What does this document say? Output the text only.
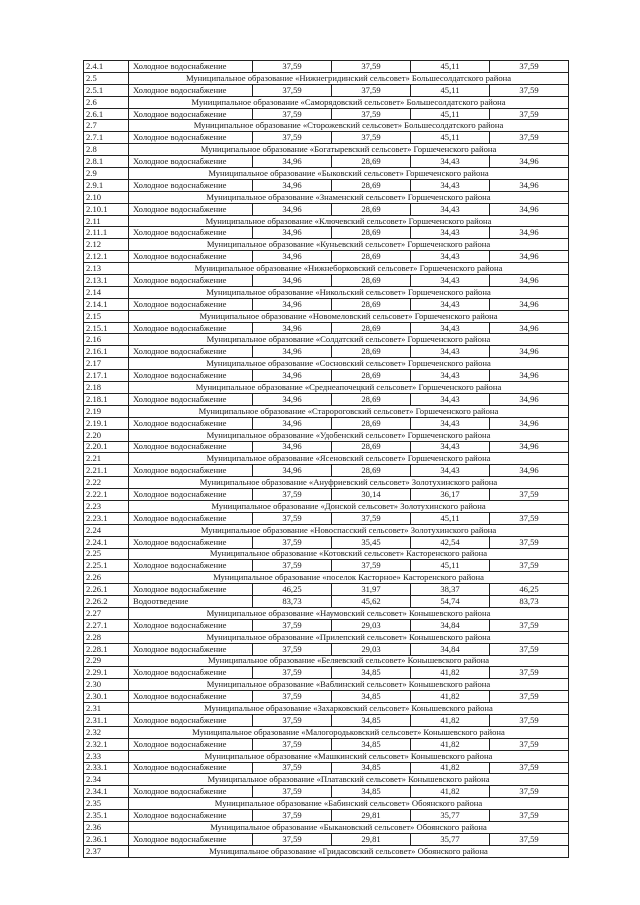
2.4.1	Холодное водоснабжение	37,59	37,59	45,11	37,59
2.5	Муниципальное образование «Нижнегридинский сельсовет» Большесолдатского района				
2.5.1	Холодное водоснабжение	37,59	37,59	45,11	37,59
2.6	Муниципальное образование «Саморядовский сельсовет» Большесолдатского района				
2.6.1	Холодное водоснабжение	37,59	37,59	45,11	37,59
2.7	Муниципальное образование «Сторожевский сельсовет» Большесолдатского района				
2.7.1	Холодное водоснабжение	37,59	37,59	45,11	37,59
2.8	Муниципальное образование «Богатыревский сельсовет» Горшеченского района				
2.8.1	Холодное водоснабжение	34,96	28,69	34,43	34,96
2.9	Муниципальное образование «Быковский сельсовет» Горшеченского района				
2.9.1	Холодное водоснабжение	34,96	28,69	34,43	34,96
2.10	Муниципальное образование «Знаменский сельсовет» Горшеченского района				
2.10.1	Холодное водоснабжение	34,96	28,69	34,43	34,96
2.11	Муниципальное образование «Ключевский сельсовет» Горшеченского района				
2.11.1	Холодное водоснабжение	34,96	28,69	34,43	34,96
2.12	Муниципальное образование «Куньевский сельсовет» Горшеченского района				
2.12.1	Холодное водоснабжение	34,96	28,69	34,43	34,96
2.13	Муниципальное образование «Нижнеборковский сельсовет» Горшеченского района				
2.13.1	Холодное водоснабжение	34,96	28,69	34,43	34,96
2.14	Муниципальное образование «Никольский сельсовет» Горшеченского района				
2.14.1	Холодное водоснабжение	34,96	28,69	34,43	34,96
2.15	Муниципальное образование «Новомеловский сельсовет» Горшеченского района				
2.15.1	Холодное водоснабжение	34,96	28,69	34,43	34,96
2.16	Муниципальное образование «Солдатский сельсовет» Горшеченского района				
2.16.1	Холодное водоснабжение	34,96	28,69	34,43	34,96
2.17	Муниципальное образование «Сосновский сельсовет» Горшеченского района				
2.17.1	Холодное водоснабжение	34,96	28,69	34,43	34,96
2.18	Муниципальное образование «Среднеапочецкий сельсовет» Горшеченского района				
2.18.1	Холодное водоснабжение	34,96	28,69	34,43	34,96
2.19	Муниципальное образование «Старороговский сельсовет» Горшеченского района				
2.19.1	Холодное водоснабжение	34,96	28,69	34,43	34,96
2.20	Муниципальное образование «Удобенский сельсовет» Горшеченского района				
2.20.1	Холодное водоснабжение	34,96	28,69	34,43	34,96
2.21	Муниципальное образование «Ясеновский сельсовет» Горшеченского района				
2.21.1	Холодное водоснабжение	34,96	28,69	34,43	34,96
2.22	Муниципальное образование «Ануфриевский сельсовет» Золотухинского района				
2.22.1	Холодное водоснабжение	37,59	30,14	36,17	37,59
2.23	Муниципальное образование «Донской сельсовет» Золотухинского района				
2.23.1	Холодное водоснабжение	37,59	37,59	45,11	37,59
2.24	Муниципальное образование «Новоспасский сельсовет» Золотухинского района				
2.24.1	Холодное водоснабжение	37,59	35,45	42,54	37,59
2.25	Муниципальное образование «Котовский сельсовет» Касторенского района				
2.25.1	Холодное водоснабжение	37,59	37,59	45,11	37,59
2.26	Муниципальное образование «поселок Касторное» Касторенского района				
2.26.1	Холодное водоснабжение	46,25	31,97	38,37	46,25
2.26.2	Водоотведение	83,73	45,62	54,74	83,73
2.27	Муниципальное образование «Наумовский сельсовет» Конышевского района				
2.27.1	Холодное водоснабжение	37,59	29,03	34,84	37,59
2.28	Муниципальное образование «Прилепский сельсовет» Конышевского района				
2.28.1	Холодное водоснабжение	37,59	29,03	34,84	37,59
2.29	Муниципальное образование «Беляевский сельсовет» Конышевского района				
2.29.1	Холодное водоснабжение	37,59	34,85	41,82	37,59
2.30	Муниципальное образование «Ваблинский сельсовет» Конышевского района				
2.30.1	Холодное водоснабжение	37,59	34,85	41,82	37,59
2.31	Муниципальное образование «Захарковский сельсовет» Конышевского района				
2.31.1	Холодное водоснабжение	37,59	34,85	41,82	37,59
2.32	Муниципальное образование «Малогородьковский сельсовет» Конышевского района				
2.32.1	Холодное водоснабжение	37,59	34,85	41,82	37,59
2.33	Муниципальное образование «Машкинский сельсовет» Конышевского района				
2.33.1	Холодное водоснабжение	37,59	34,85	41,82	37,59
2.34	Муниципальное образование «Платавский сельсовет» Конышевского района				
2.34.1	Холодное водоснабжение	37,59	34,85	41,82	37,59
2.35	Муниципальное образование «Бабинский сельсовет» Обоянского района				
2.35.1	Холодное водоснабжение	37,59	29,81	35,77	37,59
2.36	Муниципальное образование «Быкановский сельсовет» Обоянского района				
2.36.1	Холодное водоснабжение	37,59	29,81	35,77	37,59
2.37	Муниципальное образование «Гридасовский сельсовет» Обоянского района				
